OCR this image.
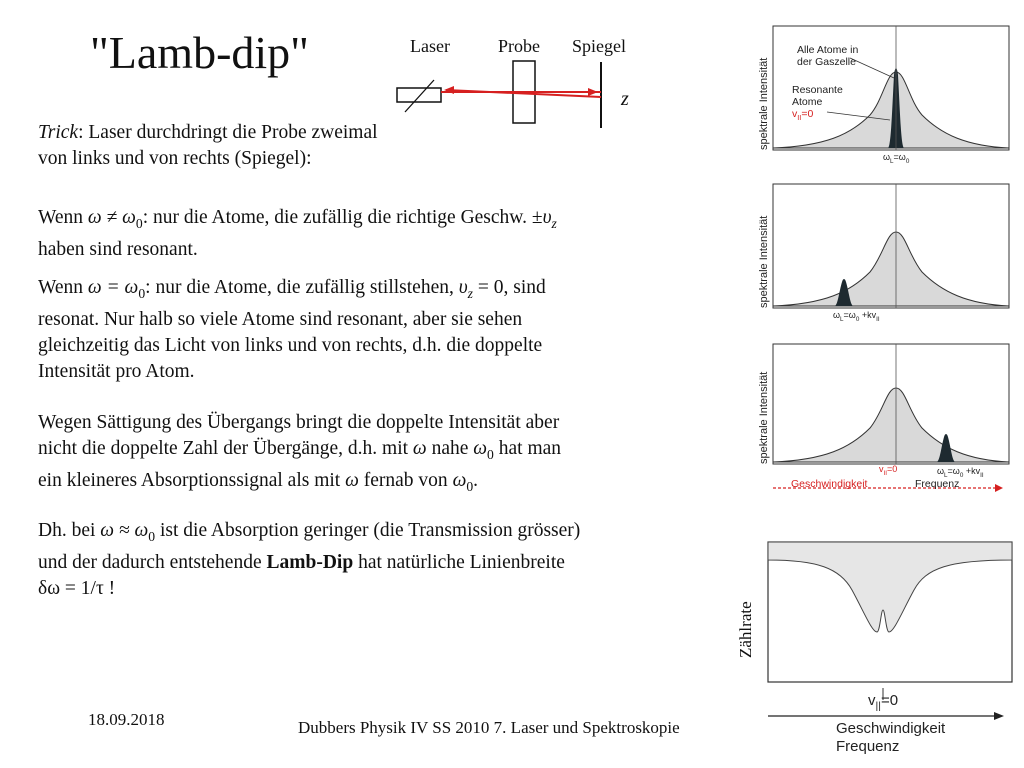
"Lamb-dip"	Laser	Probe Spiegel
z

Trick: Laser durchdringt die Probe zweimal

von links und von rechts (Spiegel):

Wenn $\omega \ne \omega_0$: nur die Atome, die zufällig die richtige Geschw. $\pm\upsilon_z$

haben sind resonant.

Wenn $\omega = \omega_0$: nur die Atome, die zufällig stillstehen, $\upsilon_z = 0$, sind

resonat. Nur halb so viele Atome sind resonant, aber sie sehen

gleichzeitig das Licht von links und von rechts, d.h. die doppelte

Intensität pro Atom.

Wegen Sättigung des Übergangs bringt die doppelte Intensität aber

nicht die doppelte Zahl der Übergänge, d.h. mit ω nahe $\omega_0$ hat man

ein kleineres Absorptionssignal als mit ω fernab von $\omega_0$.

Dh. bei $\omega \approx \omega_0$ ist die Absorption geringer (die Transmission grösser)

und der dadurch entstehende Lamb-Dip hat natürliche Linienbreite

δω = 1/τ !

18.09.2018	Dubbers Physik IV SS 2010 7. Laser und Spektroskopie
spektrale Intensität
Alle Atome in
der Gaszelle
Resonante
Atome
$v_{II}=0$
$\omega_L=\omega_0$
spektrale Intensität
$\omega_L=\omega_0 +kv_{II}$
spektrale Intensität
$v_{II}=0$	$\omega_L=\omega_0 +kv_{II}$
Geschwindigkeit	Frequenz
Zählrate
$v_{||}=0$
Geschwindigkeit
Frequenz
